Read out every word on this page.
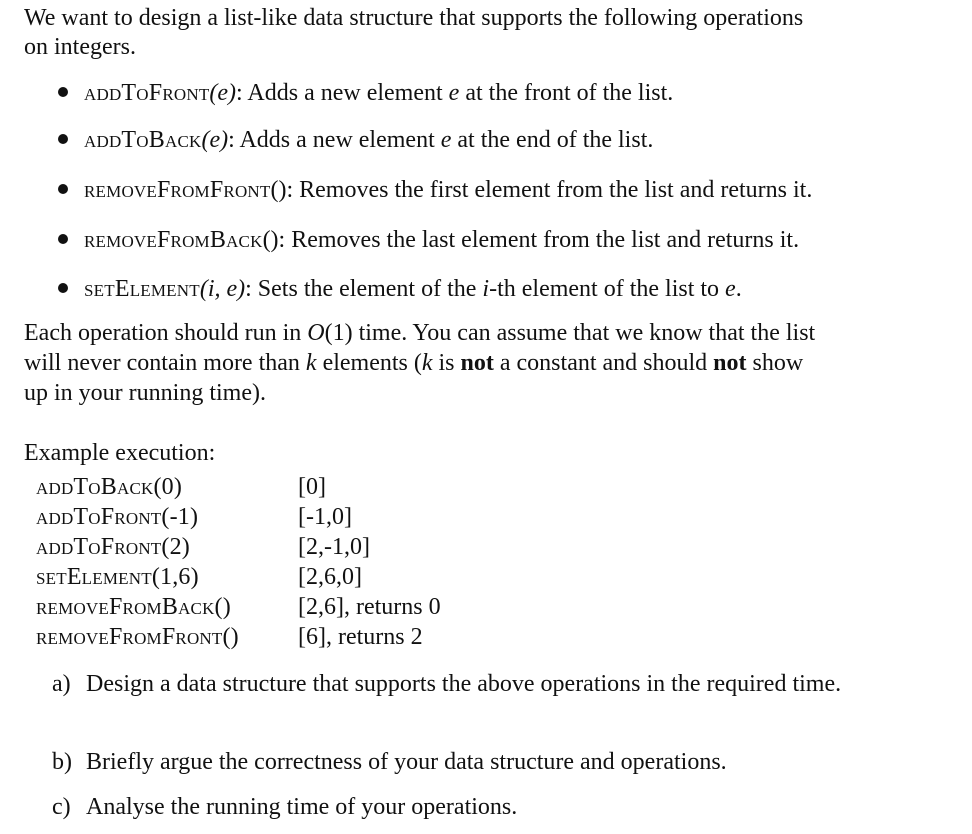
We want to design a list-like data structure that supports the following operations
on integers.

addToFront(e): Adds a new element e at the front of the list.
addToBack(e): Adds a new element e at the end of the list.
removeFromFront(): Removes the first element from the list and returns it.
removeFromBack(): Removes the last element from the list and returns it.
setElement(i, e): Sets the element of the i-th element of the list to e.
Each operation should run in O(1) time. You can assume that we know that the list
will never contain more than k elements (k is not a constant and should not show
up in your running time).
Example execution:
addToBack(0)	[0]
addToFront(-1)	[-1,0]
addToFront(2)	[2,-1,0]
setElement(1,6)	[2,6,0]
removeFromBack()	[2,6], returns 0
removeFromFront()	[6], returns 2
a) Design a data structure that supports the above operations in the required time.
b) Briefly argue the correctness of your data structure and operations.
c) Analyse the running time of your operations.
